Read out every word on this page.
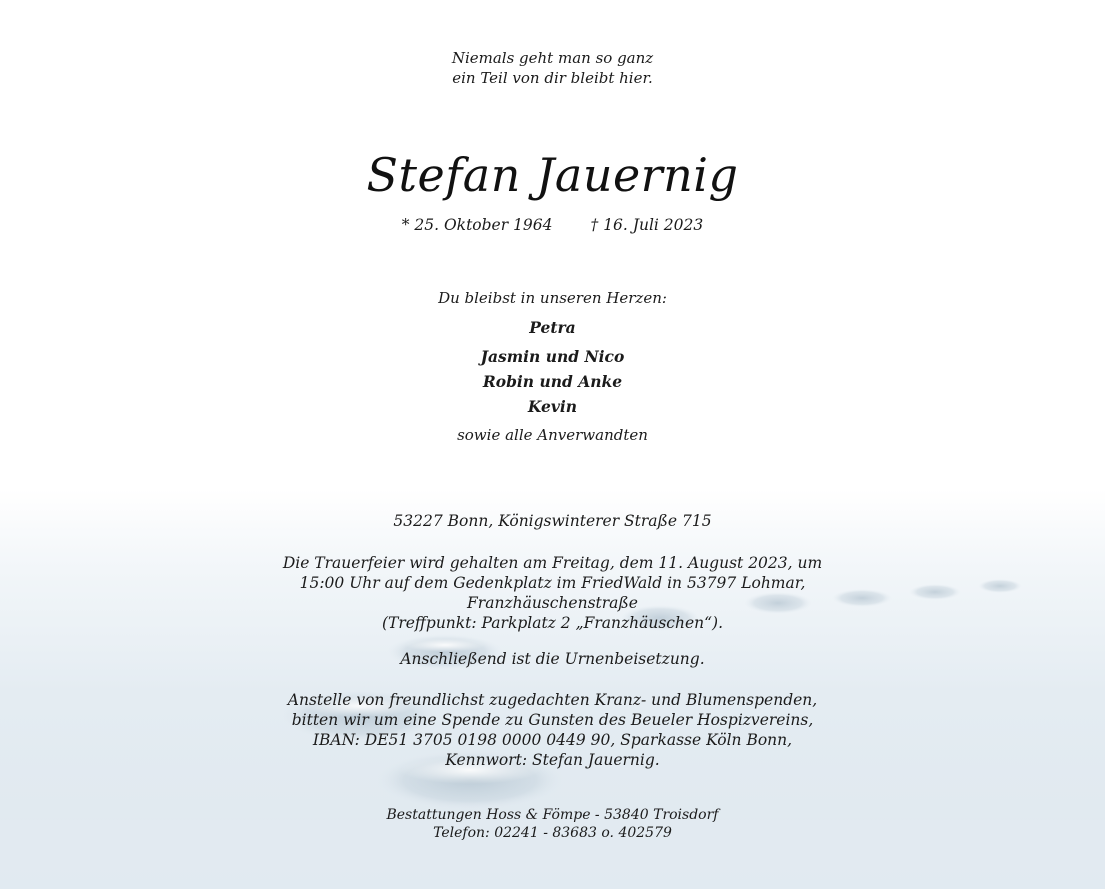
Niemals geht man so ganz
ein Teil von dir bleibt hier.
Stefan Jauernig
* 25. Oktober 1964 † 16. Juli 2023
Du bleibst in unseren Herzen:
Petra
Jasmin und Nico
Robin und Anke
Kevin
sowie alle Anverwandten
53227 Bonn, Königswinterer Straße 715
Die Trauerfeier wird gehalten am Freitag, dem 11. August 2023, um
15:00 Uhr auf dem Gedenkplatz im FriedWald in 53797 Lohmar,
Franzhäuschenstraße
(Treffpunkt: Parkplatz 2 „Franzhäuschen“).
Anschließend ist die Urnenbeisetzung.
Anstelle von freundlichst zugedachten Kranz- und Blumenspenden,
bitten wir um eine Spende zu Gunsten des Beueler Hospizvereins,
IBAN: DE51 3705 0198 0000 0449 90, Sparkasse Köln Bonn,
Kennwort: Stefan Jauernig.
Bestattungen Hoss & Fömpe - 53840 Troisdorf
Telefon: 02241 - 83683 o. 402579
